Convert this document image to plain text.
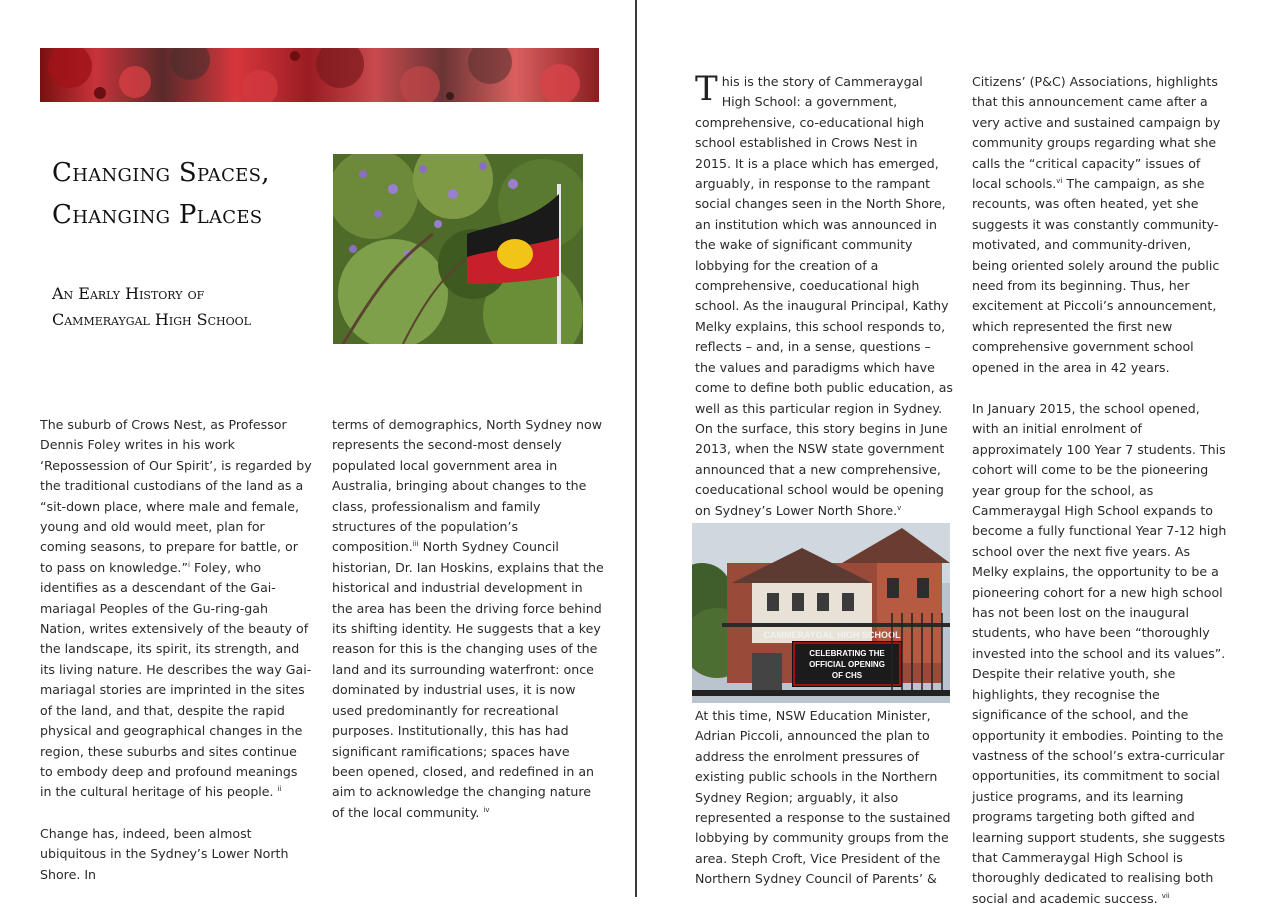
Changing Spaces,
Changing Places
An Early History of
Cammeraygal High School

The suburb of Crows Nest, as Professor Dennis Foley writes in his work ‘Repossession of Our Spirit’, is regarded by the traditional custodians of the land as a “sit-down place, where male and female, young and old would meet, plan for coming seasons, to prepare for battle, or to pass on knowledge.”$^i$ Foley, who identifies as a descendant of the Gai-mariagal Peoples of the Gu-ring-gah Nation, writes extensively of the beauty of the landscape, its spirit, its strength, and its living nature. He describes the way Gai-mariagal stories are imprinted in the sites of the land, and that, despite the rapid physical and geographical changes in the region, these suburbs and sites continue to embody deep and profound meanings in the cultural heritage of his people. $^{ii}$

Change has, indeed, been almost ubiquitous in the Sydney’s Lower North Shore. In

terms of demographics, North Sydney now represents the second-most densely populated local government area in Australia, bringing about changes to the class, professionalism and family structures of the population’s composition.$^{iii}$ North Sydney Council historian, Dr. Ian Hoskins, explains that the historical and industrial development in the area has been the driving force behind its shifting identity. He suggests that a key reason for this is the changing uses of the land and its surrounding waterfront: once dominated by industrial uses, it is now used predominantly for recreational purposes. Institutionally, this has had significant ramifications; spaces have been opened, closed, and redefined in an aim to acknowledge the changing nature of the local community. $^{iv}$

This is the story of Cammeraygal High School: a government, comprehensive, co-educational high school established in Crows Nest in 2015. It is a place which has emerged, arguably, in response to the rampant social changes seen in the North Shore, an institution which was announced in the wake of significant community lobbying for the creation of a comprehensive, coeducational high school. As the inaugural Principal, Kathy Melky explains, this school responds to, reflects – and, in a sense, questions – the values and paradigms which have come to define both public education, as well as this particular region in Sydney.

Citizens’ (P&C) Associations, highlights that this announcement came after a very active and sustained campaign by community groups regarding what she calls the “critical capacity” issues of local schools.$^{vi}$ The campaign, as she recounts, was often heated, yet she suggests it was constantly community-motivated, and community-driven, being oriented solely around the public need from its beginning. Thus, her excitement at Piccoli’s announcement, which represented the first new comprehensive government school opened in the area in 42 years.

On the surface, this story begins in June 2013, when the NSW state government announced that a new comprehensive, coeducational school would be opening on Sydney’s Lower North Shore.$^v$

CELEBRATING THE
OFFICIAL OPENING
OF CHS
CAMMERAYGAL HIGH SCHOOL

In January 2015, the school opened, with an initial enrolment of approximately 100 Year 7 students. This cohort will come to be the pioneering year group for the school, as Cammeraygal High School expands to become a fully functional Year 7-12 high school over the next five years. As Melky explains, the opportunity to be a pioneering cohort for a new high school has not been lost on the inaugural students, who have been “thoroughly invested into the school and its values”. Despite their relative youth, she highlights, they recognise the significance of the school, and the opportunity it embodies. Pointing to the vastness of the school’s extra-curricular opportunities, its commitment to social justice programs, and its learning programs targeting both gifted and learning support students, she suggests that Cammeraygal High School is thoroughly dedicated to realising both social and academic success. $^{vii}$

At this time, NSW Education Minister, Adrian Piccoli, announced the plan to address the enrolment pressures of existing public schools in the Northern Sydney Region; arguably, it also represented a response to the sustained lobbying by community groups from the area. Steph Croft, Vice President of the Northern Sydney Council of Parents’ &
